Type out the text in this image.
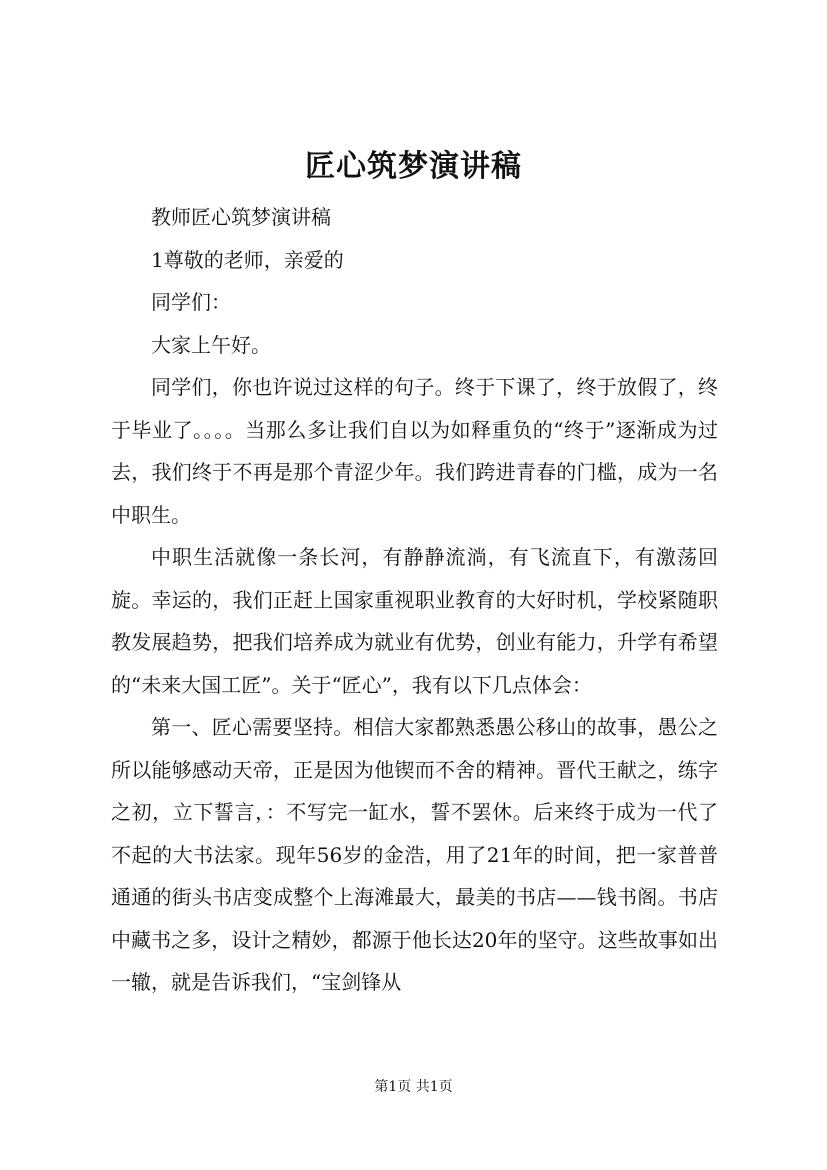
匠心筑梦演讲稿

教师匠心筑梦演讲稿

1尊敬的老师，亲爱的

同学们：

大家上午好。

同学们，你也许说过这样的句子。终于下课了，终于放假了，终于毕业了。。。。当那么多让我们自以为如释重负的“终于”逐渐成为过去，我们终于不再是那个青涩少年。我们跨进青春的门槛，成为一名中职生。

中职生活就像一条长河，有静静流淌，有飞流直下，有激荡回旋。幸运的，我们正赶上国家重视职业教育的大好时机，学校紧随职教发展趋势，把我们培养成为就业有优势，创业有能力，升学有希望的“未来大国工匠”。关于“匠心”，我有以下几点体会：

第一、匠心需要坚持。相信大家都熟悉愚公移山的故事，愚公之所以能够感动天帝，正是因为他锲而不舍的精神。晋代王献之，练字之初，立下誓言，：不写完一缸水，誓不罢休。后来终于成为一代了不起的大书法家。现年56岁的金浩，用了21年的时间，把一家普普通通的街头书店变成整个上海滩最大，最美的书店——钱书阁。书店中藏书之多，设计之精妙，都源于他长达20年的坚守。这些故事如出一辙，就是告诉我们，“宝剑锋从

第1页 共1页
